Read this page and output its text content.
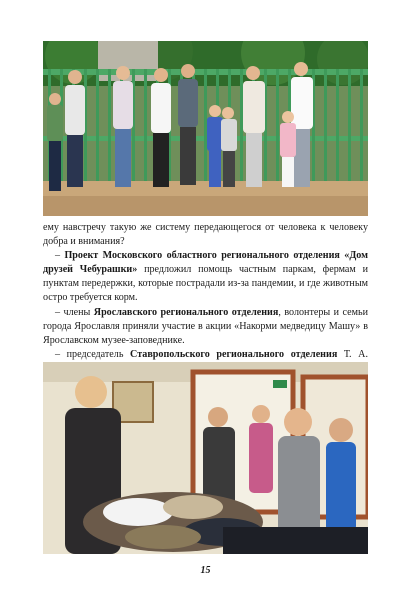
ему навстречу такую же систему передающегося от человека к человеку добра и внимания?

– Проект Московского областного регионального отделения «Дом друзей Чебурашки» предложил помощь частным паркам, фермам и пунктам передержки, которые пострадали из-за пандемии, и где животным остро требуется корм.

– члены Ярославского регионального отделения, волонтеры и семьи города Ярославля приняли участие в акции «Накорми медведицу Машу» в Ярославском музее-заповеднике.

– председатель Ставропольского регионального отделения Т. А.

15
